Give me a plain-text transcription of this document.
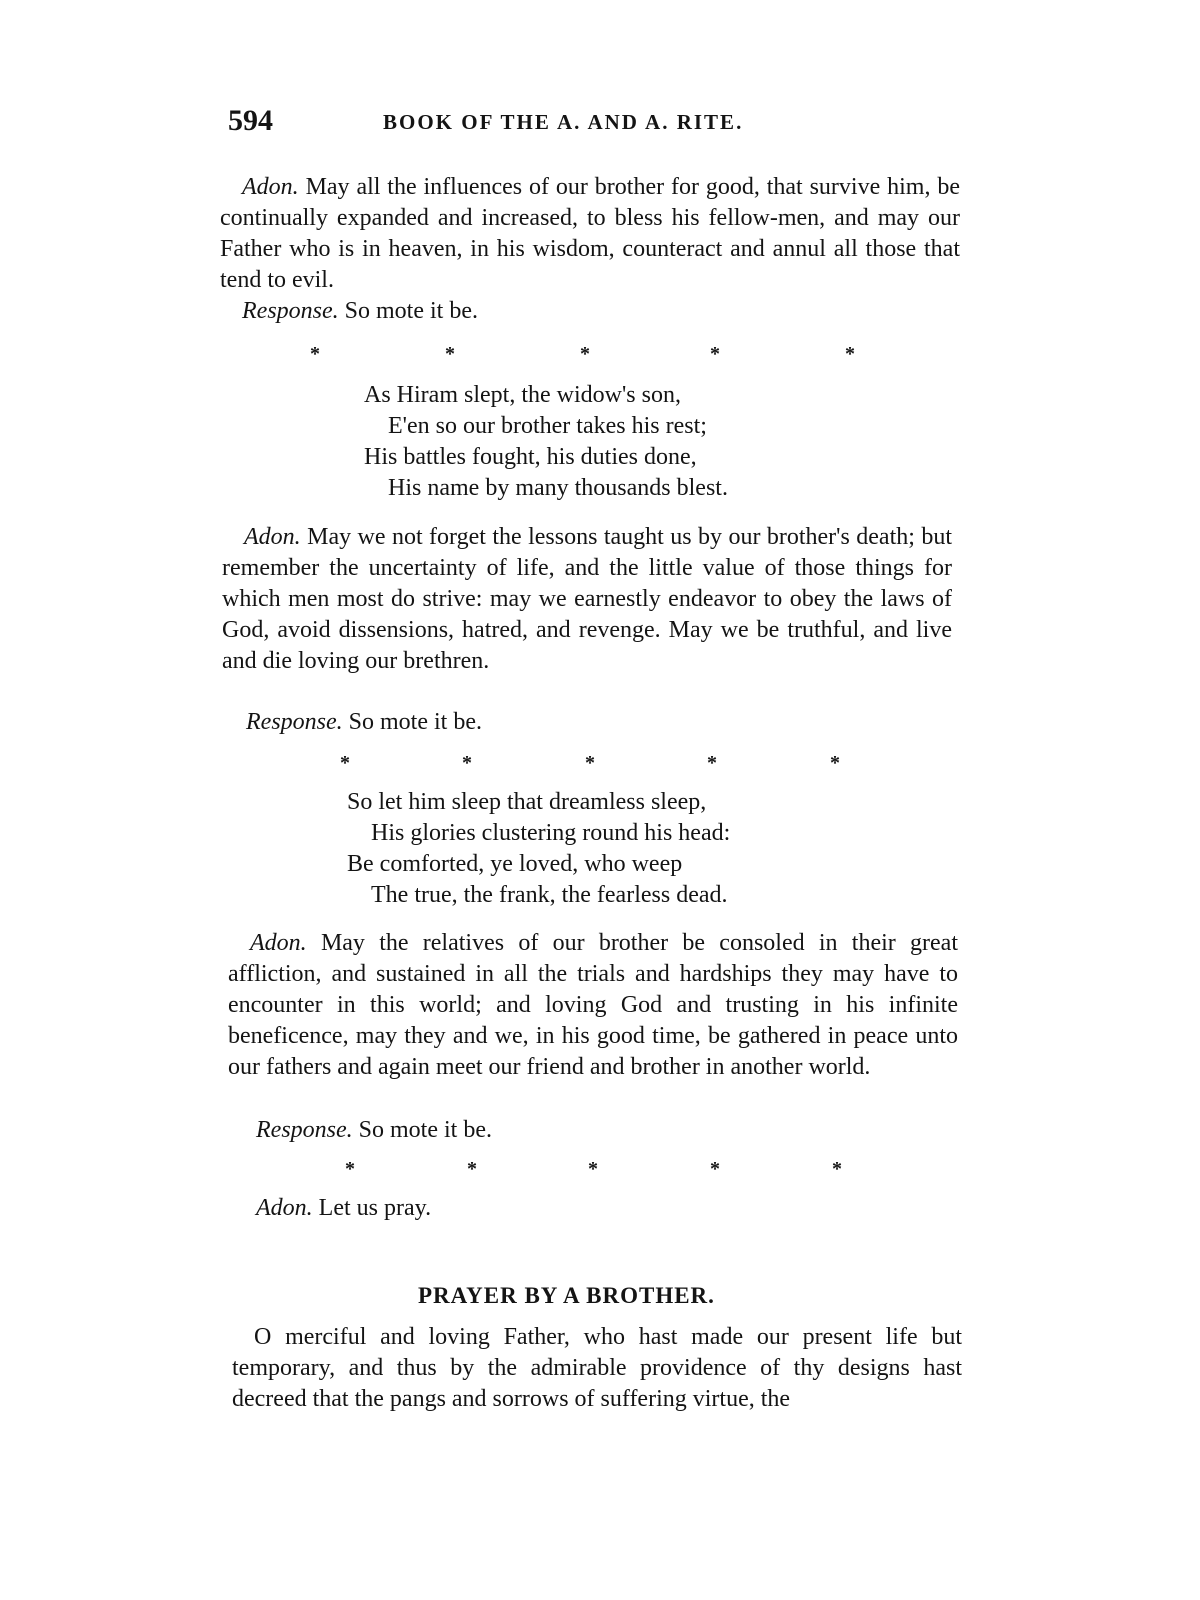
594	BOOK OF THE A. AND A. RITE.

Adon. May all the influences of our brother for good, that survive him, be continually expanded and increased, to bless his fellow-men, and may our Father who is in heaven, in his wisdom, counteract and annul all those that tend to evil.

Response. So mote it be.

*	*	*	*	*
As Hiram slept, the widow's son,
E'en so our brother takes his rest;
His battles fought, his duties done,
His name by many thousands blest.

Adon. May we not forget the lessons taught us by our brother's death; but remember the uncertainty of life, and the little value of those things for which men most do strive: may we earnestly endeavor to obey the laws of God, avoid dissensions, hatred, and revenge. May we be truthful, and live and die loving our brethren.

Response. So mote it be.

*	*	*	*	*
So let him sleep that dreamless sleep,
His glories clustering round his head:
Be comforted, ye loved, who weep
The true, the frank, the fearless dead.

Adon. May the relatives of our brother be consoled in their great affliction, and sustained in all the trials and hardships they may have to encounter in this world; and loving God and trusting in his infinite beneficence, may they and we, in his good time, be gathered in peace unto our fathers and again meet our friend and brother in another world.

Response. So mote it be.

*	*	*	*	*

Adon. Let us pray.

PRAYER BY A BROTHER.

O merciful and loving Father, who hast made our present life but temporary, and thus by the admirable providence of thy designs hast decreed that the pangs and sorrows of suffering virtue, the
